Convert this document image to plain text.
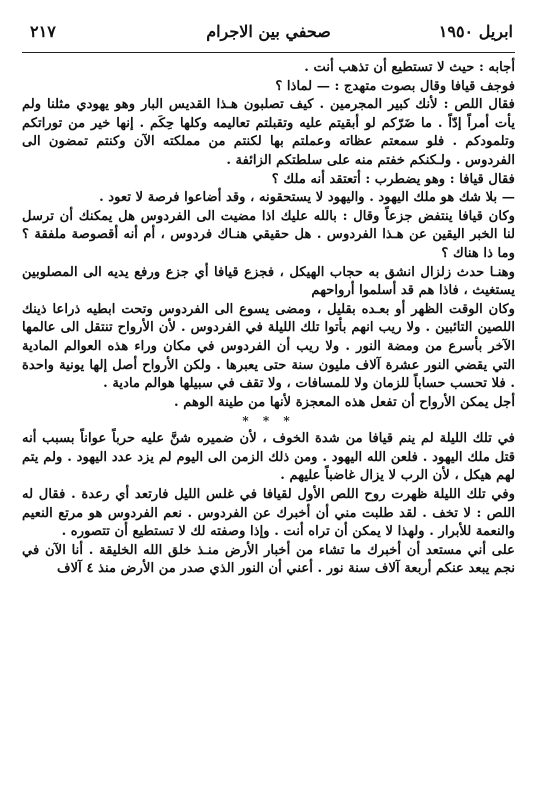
ابريل ١٩٥٠
صحفي بين الاجرام
٢١٧

أجابه : حيث لا تستطيع أن تذهب أنت .

فوجف قيافا وقال بصوت متهدج : — لماذا ؟

فقال اللص : لأنك كبير المجرمين . كيف تصلبون هـذا القديس البار وهو يهودي مثلنا ولم يأت أمراً إدّاً . ما ضَرّكم لو أبقيتم عليه وتقبلتم تعاليمه وكلها حِكَم . إنها خير من توراتكم وتلمودكم . فلو سمعتم عظاته وعملتم بها لكنتم من مملكته الآن وكنتم تمضون الى الفردوس . ولـكنكم خفتم منه على سلطتكم الزائفة .

فقال قيافا : وهو يضطرب : أتعتقد أنه ملك ؟

— بلا شك هو ملك اليهود . واليهود لا يستحقونه ، وقد أضاعوا فرصة لا تعود .

وكان قيافا ينتفض جزعاً وقال : بالله عليك اذا مضيت الى الفردوس هل يمكنك أن ترسل لنا الخبر اليقين عن هـذا الفردوس . هل حقيقي هنـاك فردوس ، أم أنه أقصوصة ملفقة ؟ وما ذا هناك ؟

وهنـا حدث زلزال انشق به حجاب الهيكل ، فجزع قيافا أي جزع ورفع يديه الى المصلوبين يستغيث ، فاذا هم قد أسلموا أرواحهم

وكان الوقت الظهر أو بعـده بقليل ، ومضى يسوع الى الفردوس وتحت ابطيه ذراعا ذينك اللصين التائبين . ولا ريب انهم بأتوا تلك الليلة في الفردوس . لأن الأرواح تنتقل الى عالمها الآخر بأسرع من ومضة النور . ولا ريب أن الفردوس في مكان وراء هذه العوالم المادية التي يقضي النور عشرة آلاف مليون سنة حتى يعبرها . ولكن الأرواح أصل إلها يونية واحدة . فلا تحسب حساباً للزمان ولا للمسافات ، ولا تقف في سبيلها هوالم مادية .

أجل يمكن الأرواح أن تفعل هذه المعجزة لأنها من طينة الوهم .

* * *

في تلك الليلة لم ينم قيافا من شدة الخوف ، لأن ضميره شنَّ عليه حرباً عواناً بسبب أنه قتل ملك اليهود . فلعن الله اليهود . ومن ذلك الزمن الى اليوم لم يزد عدد اليهود . ولم يتم لهم هيكل ، لأن الرب لا يزال غاضباً عليهم .

وفي تلك الليلة ظهرت روح اللص الأول لقيافا في غلس الليل فارتعد أي رعدة . فقال له اللص : لا تخف . لقد طلبت مني أن أخبرك عن الفردوس . نعم الفردوس هو مرتع النعيم والنعمة للأبرار . ولهذا لا يمكن أن تراه أنت . وإذا وصفته لك لا تستطيع أن تتصوره .

على أني مستعد أن أخبرك ما تشاء من أخبار الأرض منـذ خلق الله الخليقة . أنا الآن في نجم يبعد عنكم أربعة آلاف سنة نور . أعني أن النور الذي صدر من الأرض منذ ٤ آلاف
